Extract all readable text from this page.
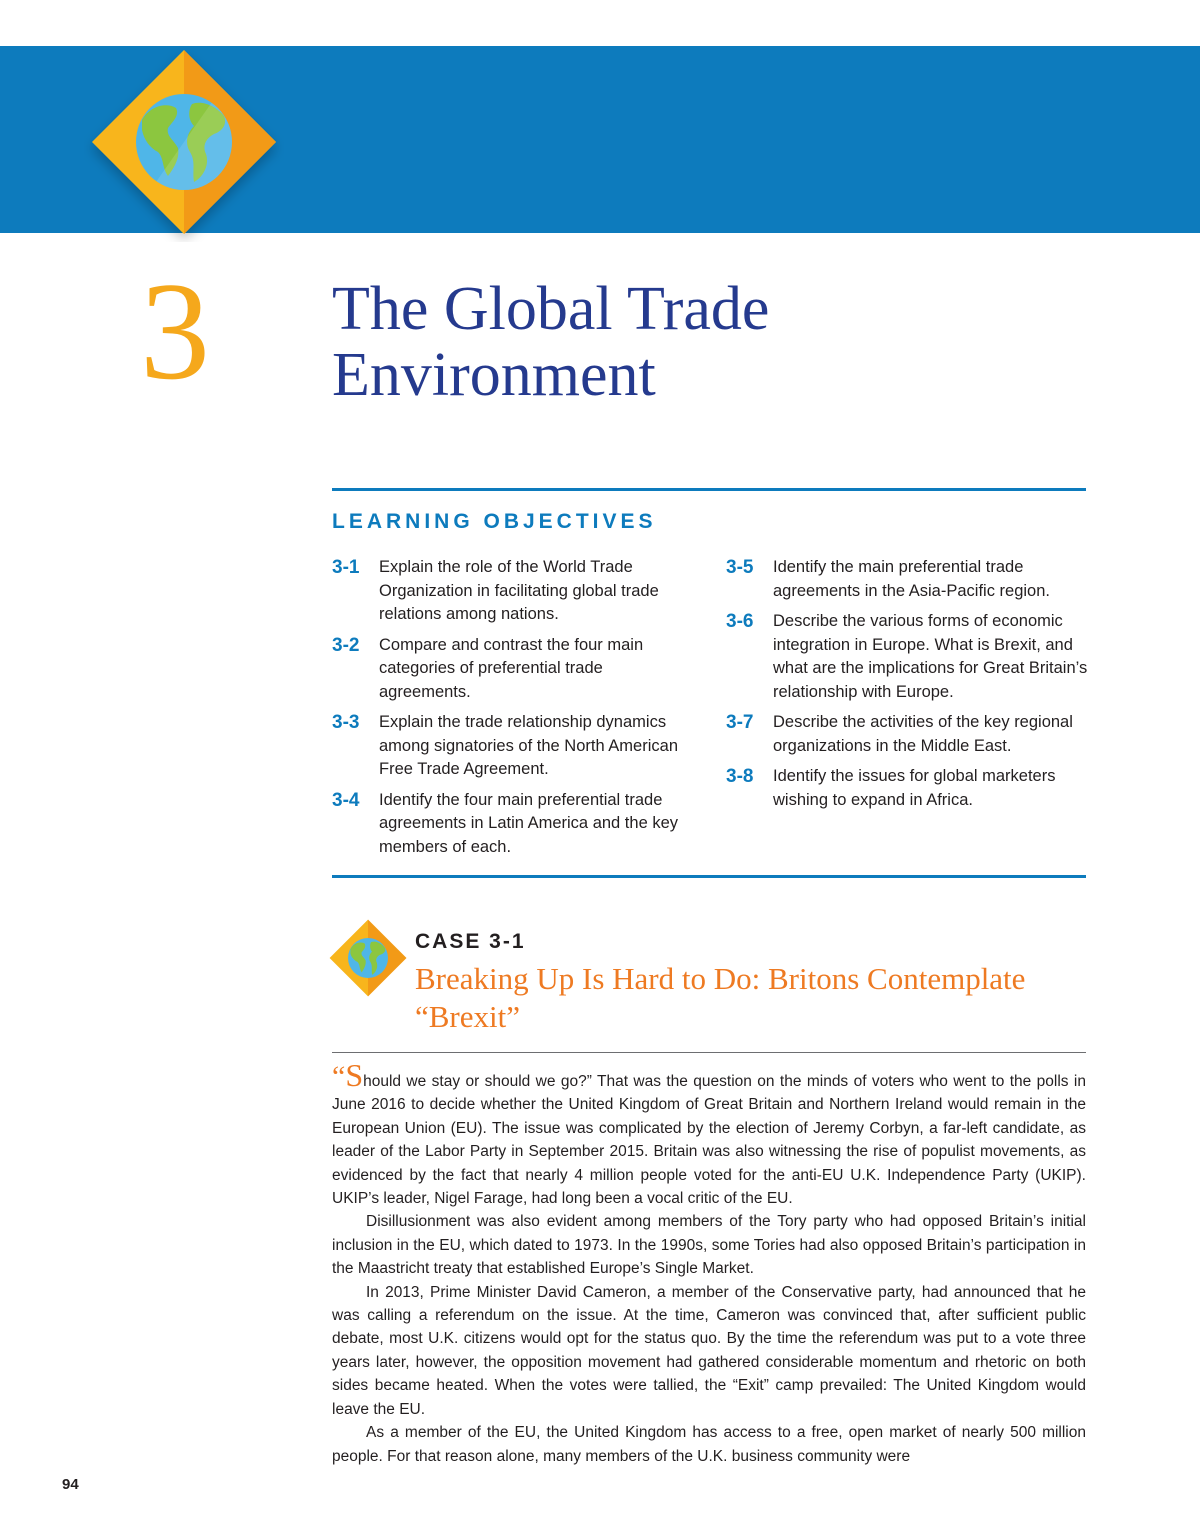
3 The Global Trade
Environment
LEARNING OBJECTIVES
3-1	Explain the role of the World Trade Organization in facilitating global trade relations among nations.
3-2	Compare and contrast the four main categories of preferential trade agreements.
3-3	Explain the trade relationship dynamics among signatories of the North American Free Trade Agreement.
3-4	Identify the four main preferential trade agreements in Latin America and the key members of each.
3-5	Identify the main preferential trade agreements in the Asia-Pacific region.
3-6	Describe the various forms of economic integration in Europe. What is Brexit, and what are the implications for Great Britain’s relationship with Europe.
3-7	Describe the activities of the key regional organizations in the Middle East.
3-8	Identify the issues for global marketers wishing to expand in Africa.
CASE 3-1
Breaking Up Is Hard to Do: Britons Contemplate “Brexit”

“Should we stay or should we go?” That was the question on the minds of voters who went to the polls in June 2016 to decide whether the United Kingdom of Great Britain and Northern Ireland would remain in the European Union (EU). The issue was complicated by the election of Jeremy Corbyn, a far-left candidate, as leader of the Labor Party in September 2015. Britain was also witnessing the rise of populist movements, as evidenced by the fact that nearly 4 million people voted for the anti-EU U.K. Independence Party (UKIP). UKIP’s leader, Nigel Farage, had long been a vocal critic of the EU.

Disillusionment was also evident among members of the Tory party who had opposed Britain’s initial inclusion in the EU, which dated to 1973. In the 1990s, some Tories had also opposed Britain’s participation in the Maastricht treaty that established Europe’s Single Market.

In 2013, Prime Minister David Cameron, a member of the Conservative party, had announced that he was calling a referendum on the issue. At the time, Cameron was convinced that, after sufficient public debate, most U.K. citizens would opt for the status quo. By the time the referendum was put to a vote three years later, however, the opposition movement had gathered considerable momentum and rhetoric on both sides became heated. When the votes were tallied, the “Exit” camp prevailed: The United Kingdom would leave the EU.

As a member of the EU, the United Kingdom has access to a free, open market of nearly 500 million people. For that reason alone, many members of the U.K. business community were

94
